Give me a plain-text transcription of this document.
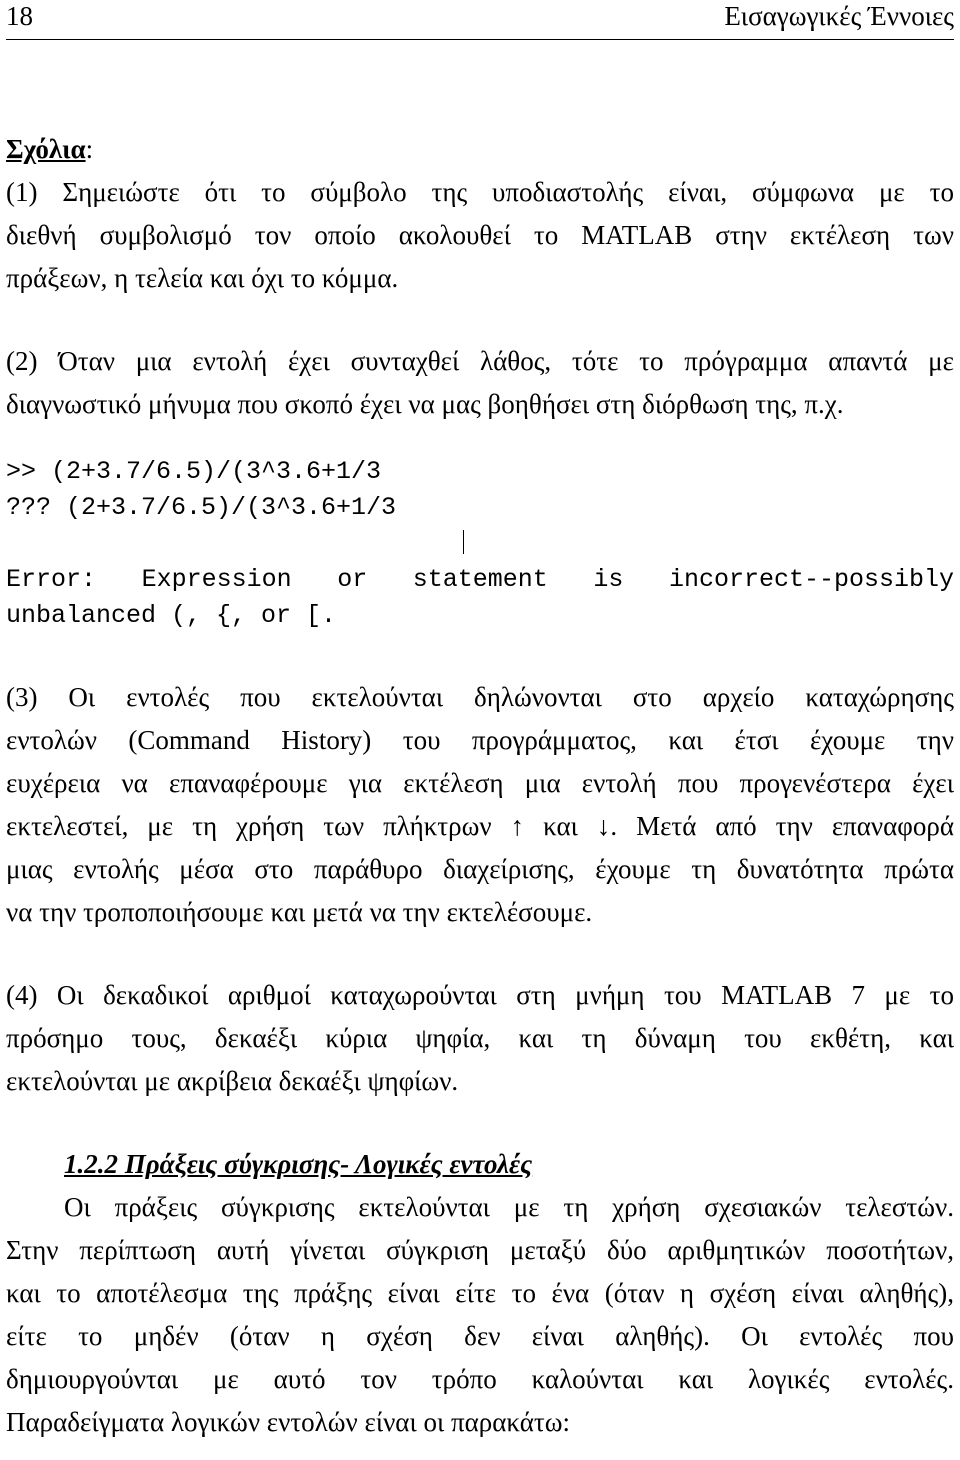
18	Εισαγωγικές Έννοιες
Σχόλια:
(1) Σημειώστε ότι το σύμβολο της υποδιαστολής είναι, σύμφωνα με το
διεθνή συμβολισμό τον οποίο ακολουθεί το MATLAB στην εκτέλεση των
πράξεων, η τελεία και όχι το κόμμα.
(2) Όταν μια εντολή έχει συνταχθεί λάθος, τότε το πρόγραμμα απαντά με
διαγνωστικό μήνυμα που σκοπό έχει να μας βοηθήσει στη διόρθωση της, π.χ.
>> (2+3.7/6.5)/(3^3.6+1/3
??? (2+3.7/6.5)/(3^3.6+1/3
Error: Expression or statement is incorrect--possibly
unbalanced (, {, or [.
(3) Οι εντολές που εκτελούνται δηλώνονται στο αρχείο καταχώρησης
εντολών (Command History) του προγράμματος, και έτσι έχουμε την
ευχέρεια να επαναφέρουμε για εκτέλεση μια εντολή που προγενέστερα έχει
εκτελεστεί, με τη χρήση των πλήκτρων ↑ και ↓. Μετά από την επαναφορά
μιας εντολής μέσα στο παράθυρο διαχείρισης, έχουμε τη δυνατότητα πρώτα
να την τροποποιήσουμε και μετά να την εκτελέσουμε.
(4) Οι δεκαδικοί αριθμοί καταχωρούνται στη μνήμη του MATLAB 7 με το
πρόσημο τους, δεκαέξι κύρια ψηφία, και τη δύναμη του εκθέτη, και
εκτελούνται με ακρίβεια δεκαέξι ψηφίων.
1.2.2 Πράξεις σύγκρισης- Λογικές εντολές
Οι πράξεις σύγκρισης εκτελούνται με τη χρήση σχεσιακών τελεστών.
Στην περίπτωση αυτή γίνεται σύγκριση μεταξύ δύο αριθμητικών ποσοτήτων,
και το αποτέλεσμα της πράξης είναι είτε το ένα (όταν η σχέση είναι αληθής),
είτε το μηδέν (όταν η σχέση δεν είναι αληθής). Οι εντολές που
δημιουργούνται με αυτό τον τρόπο καλούνται και λογικές εντολές.
Παραδείγματα λογικών εντολών είναι οι παρακάτω:
